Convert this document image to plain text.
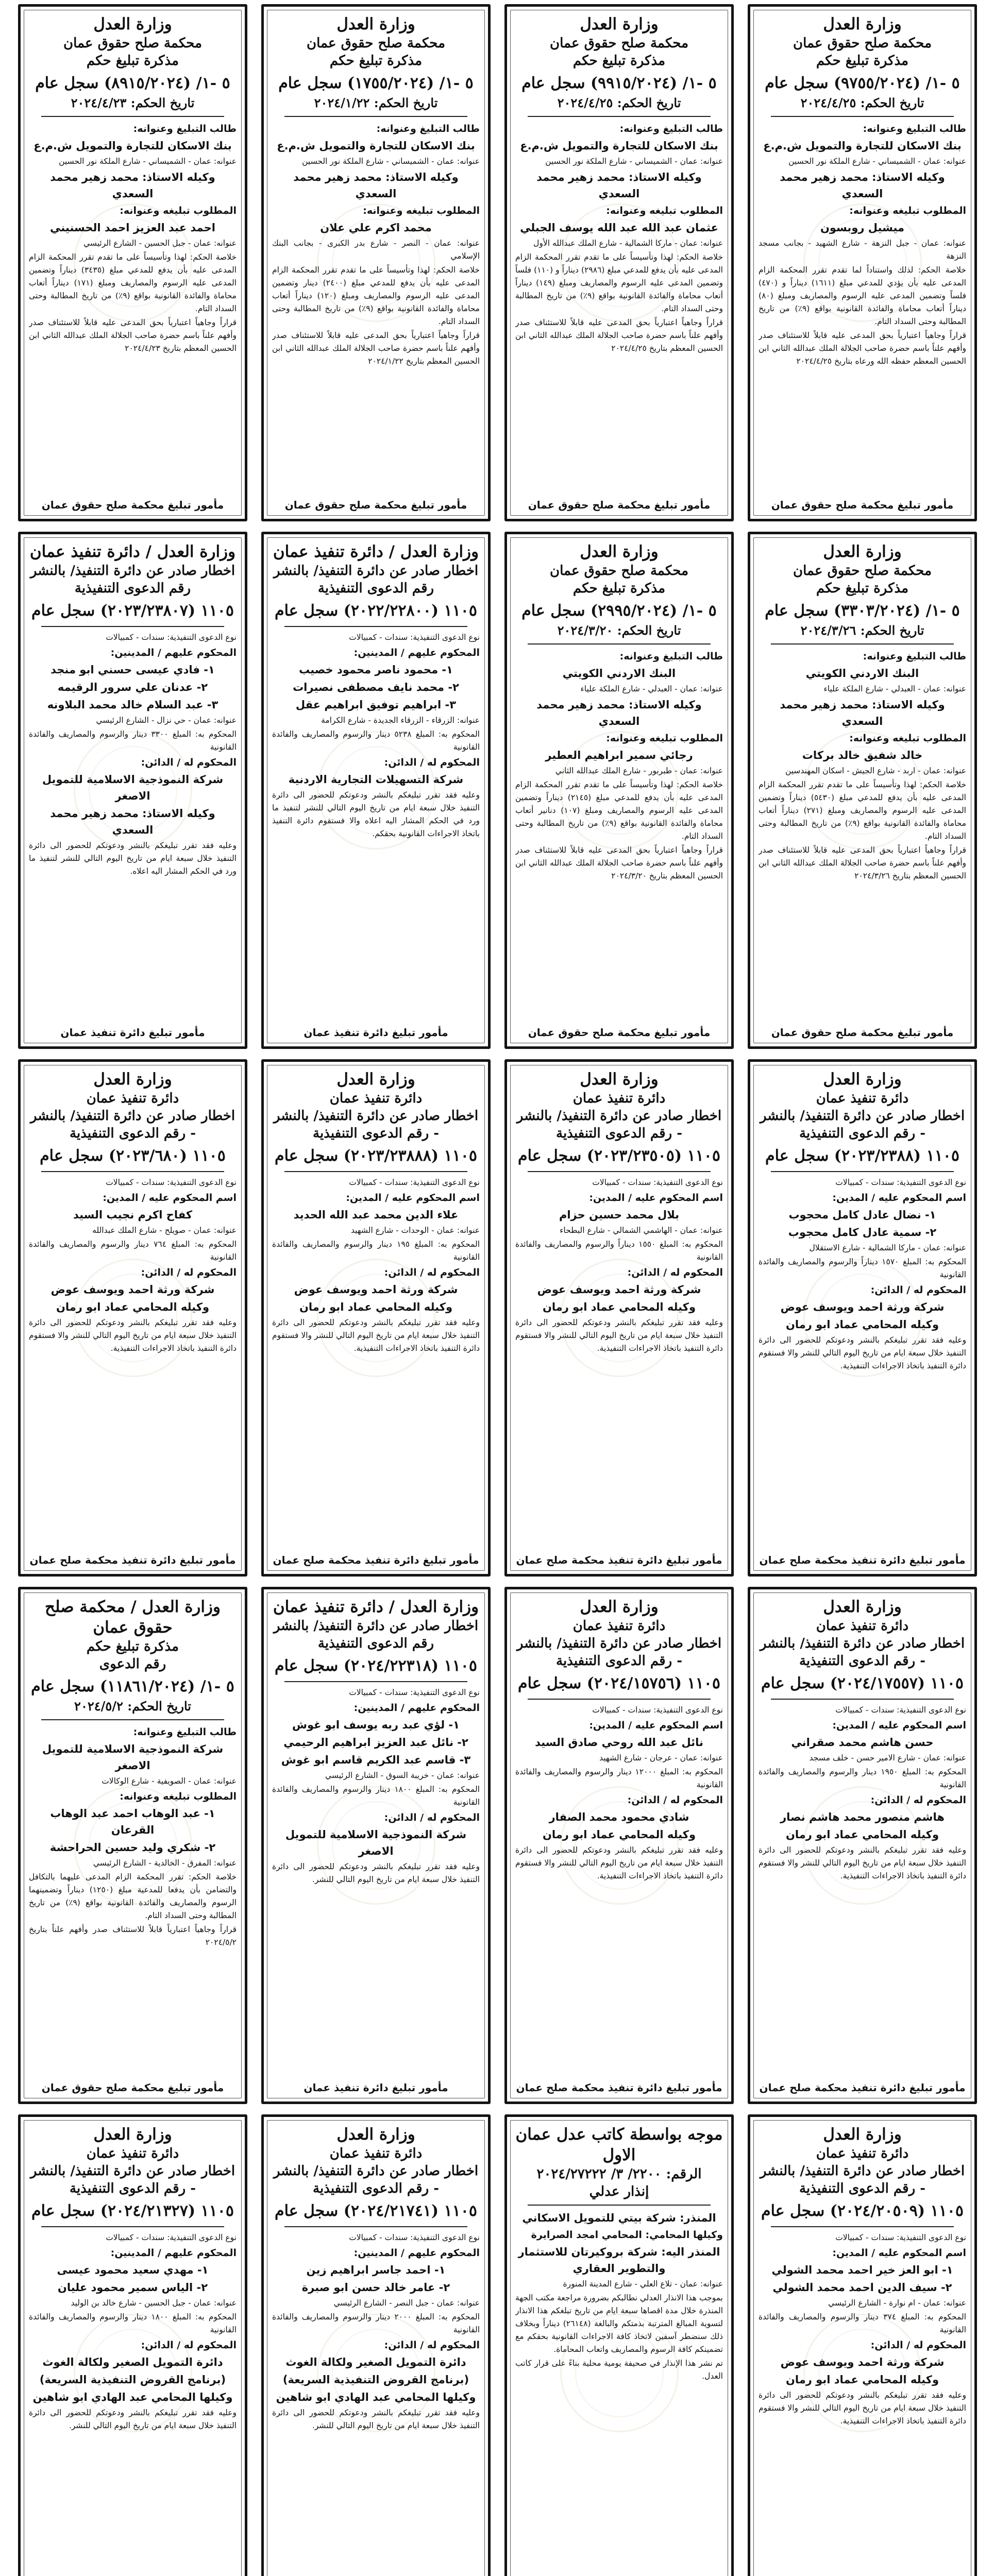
وزارة العدل
محكمة صلح حقوق عمان
مذكرة تبليغ حكم
٥ -١/ (٩٧٥٥/٢٠٢٤) سجل عام
تاريخ الحكم: ٢٠٢٤/٤/٢٥

طالب التبليغ وعنوانه:

بنك الاسكان للتجارة والتمويل ش.م.ع

عنوانه: عمان - الشميساني - شارع الملكة نور الحسين

وكيله الاستاذ: محمد زهير محمد السعدي

المطلوب تبليغه وعنوانه:

ميشيل روبسون

عنوانه: عمان - جبل النزهة - شارع الشهيد - بجانب مسجد النزهة

خلاصة الحكم: لذلك واستناداً لما تقدم تقرر المحكمة الزام المدعى عليه بأن يؤدي للمدعي مبلغ (١٦١١) ديناراً و (٤٧٠) فلساً وتضمين المدعى عليه الرسوم والمصاريف ومبلغ (٨٠) ديناراً أتعاب محاماة والفائدة القانونية بواقع (٩٪) من تاريخ المطالبة وحتى السداد التام.

قراراً وجاهياً اعتبارياً بحق المدعى عليه قابلاً للاستئناف صدر وأفهم علناً باسم حضرة صاحب الجلالة الملك عبدالله الثاني ابن الحسين المعظم حفظه الله ورعاه بتاريخ ٢٠٢٤/٤/٢٥

مأمور تبليغ محكمة صلح حقوق عمان
وزارة العدل
محكمة صلح حقوق عمان
مذكرة تبليغ حكم
٥ -١/ (٩٩١٥/٢٠٢٤) سجل عام
تاريخ الحكم: ٢٠٢٤/٤/٢٥

طالب التبليغ وعنوانه:

بنك الاسكان للتجارة والتمويل ش.م.ع

عنوانه: عمان - الشميساني - شارع الملكة نور الحسين

وكيله الاستاذ: محمد زهير محمد السعدي

المطلوب تبليغه وعنوانه:

عثمان عبد الله عبد الله يوسف الجبلي

عنوانه: عمان - ماركا الشمالية - شارع الملك عبدالله الأول

خلاصة الحكم: لهذا وتأسيساً على ما تقدم تقرر المحكمة الزام المدعى عليه بأن يدفع للمدعي مبلغ (٢٩٨٦) ديناراً و (١١٠) فلساً وتضمين المدعى عليه الرسوم والمصاريف ومبلغ (١٤٩) ديناراً أتعاب محاماة والفائدة القانونية بواقع (٩٪) من تاريخ المطالبة وحتى السداد التام.

قراراً وجاهياً اعتبارياً بحق المدعى عليه قابلاً للاستئناف صدر وأفهم علناً باسم حضرة صاحب الجلالة الملك عبدالله الثاني ابن الحسين المعظم بتاريخ ٢٠٢٤/٤/٢٥

مأمور تبليغ محكمة صلح حقوق عمان
وزارة العدل
محكمة صلح حقوق عمان
مذكرة تبليغ حكم
٥ -١/ (١٧٥٥/٢٠٢٤) سجل عام
تاريخ الحكم: ٢٠٢٤/١/٢٢

طالب التبليغ وعنوانه:

بنك الاسكان للتجارة والتمويل ش.م.ع

عنوانه: عمان - الشميساني - شارع الملكة نور الحسين

وكيله الاستاذ: محمد زهير محمد السعدي

المطلوب تبليغه وعنوانه:

محمد اكرم علي علان

عنوانه: عمان - النصر - شارع بدر الكبرى - بجانب البنك الإسلامي

خلاصة الحكم: لهذا وتأسيساً على ما تقدم تقرر المحكمة الزام المدعى عليه بأن يدفع للمدعي مبلغ (٢٤٠٠) دينار وتضمين المدعى عليه الرسوم والمصاريف ومبلغ (١٢٠) ديناراً أتعاب محاماة والفائدة القانونية بواقع (٩٪) من تاريخ المطالبة وحتى السداد التام.

قراراً وجاهياً اعتبارياً بحق المدعى عليه قابلاً للاستئناف صدر وأفهم علناً باسم حضرة صاحب الجلالة الملك عبدالله الثاني ابن الحسين المعظم بتاريخ ٢٠٢٤/١/٢٢

مأمور تبليغ محكمة صلح حقوق عمان
وزارة العدل
محكمة صلح حقوق عمان
مذكرة تبليغ حكم
٥ -١/ (٨٩١٥/٢٠٢٤) سجل عام
تاريخ الحكم: ٢٠٢٤/٤/٢٣

طالب التبليغ وعنوانه:

بنك الاسكان للتجارة والتمويل ش.م.ع

عنوانه: عمان - الشميساني - شارع الملكة نور الحسين

وكيله الاستاذ: محمد زهير محمد السعدي

المطلوب تبليغه وعنوانه:

احمد عبد العزيز احمد الحسنيني

عنوانه: عمان - جبل الحسين - الشارع الرئيسي

خلاصة الحكم: لهذا وتأسيساً على ما تقدم تقرر المحكمة الزام المدعى عليه بأن يدفع للمدعي مبلغ (٣٤٣٥) ديناراً وتضمين المدعى عليه الرسوم والمصاريف ومبلغ (١٧١) ديناراً أتعاب محاماة والفائدة القانونية بواقع (٩٪) من تاريخ المطالبة وحتى السداد التام.

قراراً وجاهياً اعتبارياً بحق المدعى عليه قابلاً للاستئناف صدر وأفهم علناً باسم حضرة صاحب الجلالة الملك عبدالله الثاني ابن الحسين المعظم بتاريخ ٢٠٢٤/٤/٢٣

مأمور تبليغ محكمة صلح حقوق عمان
وزارة العدل
محكمة صلح حقوق عمان
مذكرة تبليغ حكم
٥ -١/ (٣٣٠٣/٢٠٢٤) سجل عام
تاريخ الحكم: ٢٠٢٤/٣/٢٦

طالب التبليغ وعنوانه:

البنك الاردني الكويتي

عنوانه: عمان - العبدلي - شارع الملكة علياء

وكيله الاستاذ: محمد زهير محمد السعدي

المطلوب تبليغه وعنوانه:

خالد شفيق خالد بركات

عنوانه: عمان - اربد - شارع الجيش - اسكان المهندسين

خلاصة الحكم: لهذا وتأسيساً على ما تقدم تقرر المحكمة الزام المدعى عليه بأن يدفع للمدعي مبلغ (٥٤٣٠) ديناراً وتضمين المدعى عليه الرسوم والمصاريف ومبلغ (٢٧١) ديناراً أتعاب محاماة والفائدة القانونية بواقع (٩٪) من تاريخ المطالبة وحتى السداد التام.

قراراً وجاهياً اعتبارياً بحق المدعى عليه قابلاً للاستئناف صدر وأفهم علناً باسم حضرة صاحب الجلالة الملك عبدالله الثاني ابن الحسين المعظم بتاريخ ٢٠٢٤/٣/٢٦

مأمور تبليغ محكمة صلح حقوق عمان
وزارة العدل
محكمة صلح حقوق عمان
مذكرة تبليغ حكم
٥ -١/ (٢٩٩٥/٢٠٢٤) سجل عام
تاريخ الحكم: ٢٠٢٤/٣/٢٠

طالب التبليغ وعنوانه:

البنك الاردني الكويتي

عنوانه: عمان - العبدلي - شارع الملكة علياء

وكيله الاستاذ: محمد زهير محمد السعدي

المطلوب تبليغه وعنوانه:

رجائي سمير ابراهيم العطير

عنوانه: عمان - طبربور - شارع الملك عبدالله الثاني

خلاصة الحكم: لهذا وتأسيساً على ما تقدم تقرر المحكمة الزام المدعى عليه بأن يدفع للمدعي مبلغ (٢١٤٥) ديناراً وتضمين المدعى عليه الرسوم والمصاريف ومبلغ (١٠٧) دنانير أتعاب محاماة والفائدة القانونية بواقع (٩٪) من تاريخ المطالبة وحتى السداد التام.

قراراً وجاهياً اعتبارياً بحق المدعى عليه قابلاً للاستئناف صدر وأفهم علناً باسم حضرة صاحب الجلالة الملك عبدالله الثاني ابن الحسين المعظم بتاريخ ٢٠٢٤/٣/٢٠

مأمور تبليغ محكمة صلح حقوق عمان
وزارة العدل / دائرة تنفيذ عمان
اخطار صادر عن دائرة التنفيذ/ بالنشر
رقم الدعوى التنفيذية
١١٠٥ (٢٠٢٢/٢٢٨٠٠) سجل عام

نوع الدعوى التنفيذية: سندات - كمبيالات

المحكوم عليهم / المدينين:

١- محمود ناصر محمود خصيب

٢- محمد نايف مصطفى نصيرات

٣- ابراهيم توفيق ابراهيم عقل

عنوانه: الزرقاء - الزرقاء الجديدة - شارع الكرامة

المحكوم به: المبلغ ٥٢٣٨ دينار والرسوم والمصاريف والفائدة القانونية

المحكوم له / الدائن:

شركة التسهيلات التجارية الاردنية

وعليه فقد تقرر تبليغكم بالنشر ودعوتكم للحضور الى دائرة التنفيذ خلال سبعة ايام من تاريخ اليوم التالي للنشر لتنفيذ ما ورد في الحكم المشار اليه اعلاه والا فستقوم دائرة التنفيذ باتخاذ الاجراءات القانونية بحقكم.

مأمور تبليغ دائرة تنفيذ عمان
وزارة العدل / دائرة تنفيذ عمان
اخطار صادر عن دائرة التنفيذ/ بالنشر
رقم الدعوى التنفيذية
١١٠٥ (٢٠٢٣/٢٣٨٠٧) سجل عام

نوع الدعوى التنفيذية: سندات - كمبيالات

المحكوم عليهم / المدينين:

١- فادي عيسى حسني ابو منجد

٢- عدنان علي سرور الرقيمه

٣- عبد السلام خالد محمد البلاونه

عنوانه: عمان - حي نزال - الشارع الرئيسي

المحكوم به: المبلغ ٣٣٠٠ دينار والرسوم والمصاريف والفائدة القانونية

المحكوم له / الدائن:

شركة النموذجية الاسلامية للتمويل الاصغر

وكيله الاستاذ: محمد زهير محمد السعدي

وعليه فقد تقرر تبليغكم بالنشر ودعوتكم للحضور الى دائرة التنفيذ خلال سبعة ايام من تاريخ اليوم التالي للنشر لتنفيذ ما ورد في الحكم المشار اليه اعلاه.

مأمور تبليغ دائرة تنفيذ عمان
وزارة العدل
دائرة تنفيذ عمان
اخطار صادر عن دائرة التنفيذ/ بالنشر - رقم الدعوى التنفيذية
١١٠٥ (٢٠٢٣/٢٣٨٨) سجل عام

نوع الدعوى التنفيذية: سندات - كمبيالات

اسم المحكوم عليه / المدين:

١- نضال عادل كامل محجوب

٢- سمية عادل كامل محجوب

عنوانه: عمان - ماركا الشمالية - شارع الاستقلال

المحكوم به: المبلغ ١٥٧٠ ديناراً والرسوم والمصاريف والفائدة القانونية

المحكوم له / الدائن:

شركة ورثة احمد ويوسف عوض

وكيله المحامي عماد ابو رمان

وعليه فقد تقرر تبليغكم بالنشر ودعوتكم للحضور الى دائرة التنفيذ خلال سبعة ايام من تاريخ اليوم التالي للنشر والا فستقوم دائرة التنفيذ باتخاذ الاجراءات التنفيذية.

مأمور تبليغ دائرة تنفيذ محكمة صلح عمان
وزارة العدل
دائرة تنفيذ عمان
اخطار صادر عن دائرة التنفيذ/ بالنشر - رقم الدعوى التنفيذية
١١٠٥ (٢٠٢٣/٢٣٥٠٥) سجل عام

نوع الدعوى التنفيذية: سندات - كمبيالات

اسم المحكوم عليه / المدين:

بلال محمد حسين حزام

عنوانه: عمان - الهاشمي الشمالي - شارع البطحاء

المحكوم به: المبلغ ١٥٥٠ ديناراً والرسوم والمصاريف والفائدة القانونية

المحكوم له / الدائن:

شركة ورثة احمد ويوسف عوض

وكيله المحامي عماد ابو رمان

وعليه فقد تقرر تبليغكم بالنشر ودعوتكم للحضور الى دائرة التنفيذ خلال سبعة ايام من تاريخ اليوم التالي للنشر والا فستقوم دائرة التنفيذ باتخاذ الاجراءات التنفيذية.

مأمور تبليغ دائرة تنفيذ محكمة صلح عمان
وزارة العدل
دائرة تنفيذ عمان
اخطار صادر عن دائرة التنفيذ/ بالنشر - رقم الدعوى التنفيذية
١١٠٥ (٢٠٢٣/٢٣٨٨٨) سجل عام

نوع الدعوى التنفيذية: سندات - كمبيالات

اسم المحكوم عليه / المدين:

علاء الدين محمد عبد الله الحديد

عنوانه: عمان - الوحدات - شارع الشهيد

المحكوم به: المبلغ ١٩٥ دينار والرسوم والمصاريف والفائدة القانونية

المحكوم له / الدائن:

شركة ورثة احمد ويوسف عوض

وكيله المحامي عماد ابو رمان

وعليه فقد تقرر تبليغكم بالنشر ودعوتكم للحضور الى دائرة التنفيذ خلال سبعة ايام من تاريخ اليوم التالي للنشر والا فستقوم دائرة التنفيذ باتخاذ الاجراءات التنفيذية.

مأمور تبليغ دائرة تنفيذ محكمة صلح عمان
وزارة العدل
دائرة تنفيذ عمان
اخطار صادر عن دائرة التنفيذ/ بالنشر - رقم الدعوى التنفيذية
١١٠٥ (٢٠٢٣/٦٨٠) سجل عام

نوع الدعوى التنفيذية: سندات - كمبيالات

اسم المحكوم عليه / المدين:

كفاح اكرم نجيب السيد

عنوانه: عمان - صويلح - شارع الملك عبدالله

المحكوم به: المبلغ ٧٦٤ دينار والرسوم والمصاريف والفائدة القانونية

المحكوم له / الدائن:

شركة ورثة احمد ويوسف عوض

وكيله المحامي عماد ابو رمان

وعليه فقد تقرر تبليغكم بالنشر ودعوتكم للحضور الى دائرة التنفيذ خلال سبعة ايام من تاريخ اليوم التالي للنشر والا فستقوم دائرة التنفيذ باتخاذ الاجراءات التنفيذية.

مأمور تبليغ دائرة تنفيذ محكمة صلح عمان
وزارة العدل
دائرة تنفيذ عمان
اخطار صادر عن دائرة التنفيذ/ بالنشر - رقم الدعوى التنفيذية
١١٠٥ (٢٠٢٤/١٧٥٥٧) سجل عام

نوع الدعوى التنفيذية: سندات - كمبيالات

اسم المحكوم عليه / المدين:

حسن هاشم محمد صقراني

عنوانه: عمان - شارع الامير حسن - خلف مسجد

المحكوم به: المبلغ ١٩٥٠ دينار والرسوم والمصاريف والفائدة القانونية

المحكوم له / الدائن:

هاشم منصور محمد هاشم نصار

وكيله المحامي عماد ابو رمان

وعليه فقد تقرر تبليغكم بالنشر ودعوتكم للحضور الى دائرة التنفيذ خلال سبعة ايام من تاريخ اليوم التالي للنشر والا فستقوم دائرة التنفيذ باتخاذ الاجراءات التنفيذية.

مأمور تبليغ دائرة تنفيذ محكمة صلح عمان
وزارة العدل
دائرة تنفيذ عمان
اخطار صادر عن دائرة التنفيذ/ بالنشر - رقم الدعوى التنفيذية
١١٠٥ (٢٠٢٤/١٥٧٥٦) سجل عام

نوع الدعوى التنفيذية: سندات - كمبيالات

اسم المحكوم عليه / المدين:

نائل عبد الله روحي صادق السيد

عنوانه: عمان - عرجان - شارع الشهيد

المحكوم به: المبلغ ١٢٠٠٠ دينار والرسوم والمصاريف والفائدة القانونية

المحكوم له / الدائن:

شادي محمود محمد الصفار

وكيله المحامي عماد ابو رمان

وعليه فقد تقرر تبليغكم بالنشر ودعوتكم للحضور الى دائرة التنفيذ خلال سبعة ايام من تاريخ اليوم التالي للنشر والا فستقوم دائرة التنفيذ باتخاذ الاجراءات التنفيذية.

مأمور تبليغ دائرة تنفيذ محكمة صلح عمان
وزارة العدل / دائرة تنفيذ عمان
اخطار صادر عن دائرة التنفيذ/ بالنشر
رقم الدعوى التنفيذية
١١٠٥ (٢٠٢٤/٢٢٣١٨) سجل عام

نوع الدعوى التنفيذية: سندات - كمبيالات

المحكوم عليهم / المدينين:

١- لؤي عبد ربه يوسف ابو غوش

٢- نائل عبد العزيز ابراهيم الرحيمي

٣- قاسم عبد الكريم قاسم ابو غوش

عنوانه: عمان - خريبة السوق - الشارع الرئيسي

المحكوم به: المبلغ ١٨٠٠ دينار والرسوم والمصاريف والفائدة القانونية

المحكوم له / الدائن:

شركة النموذجية الاسلامية للتمويل الاصغر

وعليه فقد تقرر تبليغكم بالنشر ودعوتكم للحضور الى دائرة التنفيذ خلال سبعة ايام من تاريخ اليوم التالي للنشر.

مأمور تبليغ دائرة تنفيذ عمان
وزارة العدل / محكمة صلح حقوق عمان
مذكرة تبليغ حكم
رقم الدعوى
٥ -١/ (١١٨٦١/٢٠٢٤) سجل عام
تاريخ الحكم: ٢٠٢٤/٥/٢

طالب التبليغ وعنوانه:

شركة النموذجية الاسلامية للتمويل الاصغر

عنوانه: عمان - الصويفية - شارع الوكالات

المطلوب تبليغه وعنوانه:

١- عبد الوهاب احمد عبد الوهاب القرعان

٢- شكري وليد حسين الحراحشة

عنوانه: المفرق - الخالدية - الشارع الرئيسي

خلاصة الحكم: تقرر المحكمة الزام المدعى عليهما بالتكافل والتضامن بأن يدفعا للمدعية مبلغ (١٢٥٠) ديناراً وتضمينهما الرسوم والمصاريف والفائدة القانونية بواقع (٩٪) من تاريخ المطالبة وحتى السداد التام.

قراراً وجاهياً اعتبارياً قابلاً للاستئناف صدر وأفهم علناً بتاريخ ٢٠٢٤/٥/٢

مأمور تبليغ محكمة صلح حقوق عمان
وزارة العدل
دائرة تنفيذ عمان
اخطار صادر عن دائرة التنفيذ/ بالنشر - رقم الدعوى التنفيذية
١١٠٥ (٢٠٢٤/٢٠٥٠٩) سجل عام

نوع الدعوى التنفيذية: سندات - كمبيالات

اسم المحكوم عليه / المدين:

١- ابو العز خير احمد محمد الشولي

٢- سيف الدين احمد محمد الشولي

عنوانه: عمان - ام نوارة - الشارع الرئيسي

المحكوم به: المبلغ ٣٧٤ دينار والرسوم والمصاريف والفائدة القانونية

المحكوم له / الدائن:

شركة ورثة احمد ويوسف عوض

وكيله المحامي عماد ابو رمان

وعليه فقد تقرر تبليغكم بالنشر ودعوتكم للحضور الى دائرة التنفيذ خلال سبعة ايام من تاريخ اليوم التالي للنشر والا فستقوم دائرة التنفيذ باتخاذ الاجراءات التنفيذية.

موجه بواسطة كاتب عدل عمان الاول
الرقم: ٢٢٠٠/ ٣/ ٢٠٢٤/٢٧٢٢٢
إنذار عدلي

المنذر: شركة بيتي للتمويل الاسكاني

وكيلها المحامي: المحامي امجد الصرايرة

المنذر اليه: شركة بروكيرتان للاستثمار والتطوير العقاري

عنوانه: عمان - تلاع العلي - شارع المدينة المنورة

بموجب هذا الانذار العدلي نطالبكم بضرورة مراجعة مكتب الجهة المنذرة خلال مدة اقصاها سبعة ايام من تاريخ تبلغكم هذا الانذار لتسوية المبالغ المترتبة بذمتكم والبالغة (٢٦١٤٨) ديناراً وبخلاف ذلك سنضطر آسفين لاتخاذ كافة الاجراءات القانونية بحقكم مع تضمينكم كافة الرسوم والمصاريف واتعاب المحاماة.

تم نشر هذا الإنذار في صحيفة يومية محلية بناءً على قرار كاتب العدل.

وزارة العدل
دائرة تنفيذ عمان
اخطار صادر عن دائرة التنفيذ/ بالنشر - رقم الدعوى التنفيذية
١١٠٥ (٢٠٢٤/٢١٧٤١) سجل عام

نوع الدعوى التنفيذية: سندات - كمبيالات

المحكوم عليهم / المدينين:

١- احمد جاسر ابراهيم زين

٢- عامر خالد حسن ابو صبرة

عنوانه: عمان - جبل النصر - الشارع الرئيسي

المحكوم به: المبلغ ٢٠٠٠ دينار والرسوم والمصاريف والفائدة القانونية

المحكوم له / الدائن:

دائرة التمويل الصغير ولكالة الغوث

(برنامج القروض التنفيذية السريعة)

وكيلها المحامي عبد الهادي ابو شاهين

وعليه فقد تقرر تبليغكم بالنشر ودعوتكم للحضور الى دائرة التنفيذ خلال سبعة ايام من تاريخ اليوم التالي للنشر.

وزارة العدل
دائرة تنفيذ عمان
اخطار صادر عن دائرة التنفيذ/ بالنشر - رقم الدعوى التنفيذية
١١٠٥ (٢٠٢٤/٢١٣٢٧) سجل عام

نوع الدعوى التنفيذية: سندات - كمبيالات

المحكوم عليهم / المدينين:

١- مهدي سعيد محمود عيسى

٢- الياس سمير محمود عليان

عنوانه: عمان - جبل الحسين - شارع خالد بن الوليد

المحكوم به: المبلغ ١٨٠٠ دينار والرسوم والمصاريف والفائدة القانونية

المحكوم له / الدائن:

دائرة التمويل الصغير ولكالة الغوث

(برنامج القروض التنفيذية السريعة)

وكيلها المحامي عبد الهادي ابو شاهين

وعليه فقد تقرر تبليغكم بالنشر ودعوتكم للحضور الى دائرة التنفيذ خلال سبعة ايام من تاريخ اليوم التالي للنشر.
